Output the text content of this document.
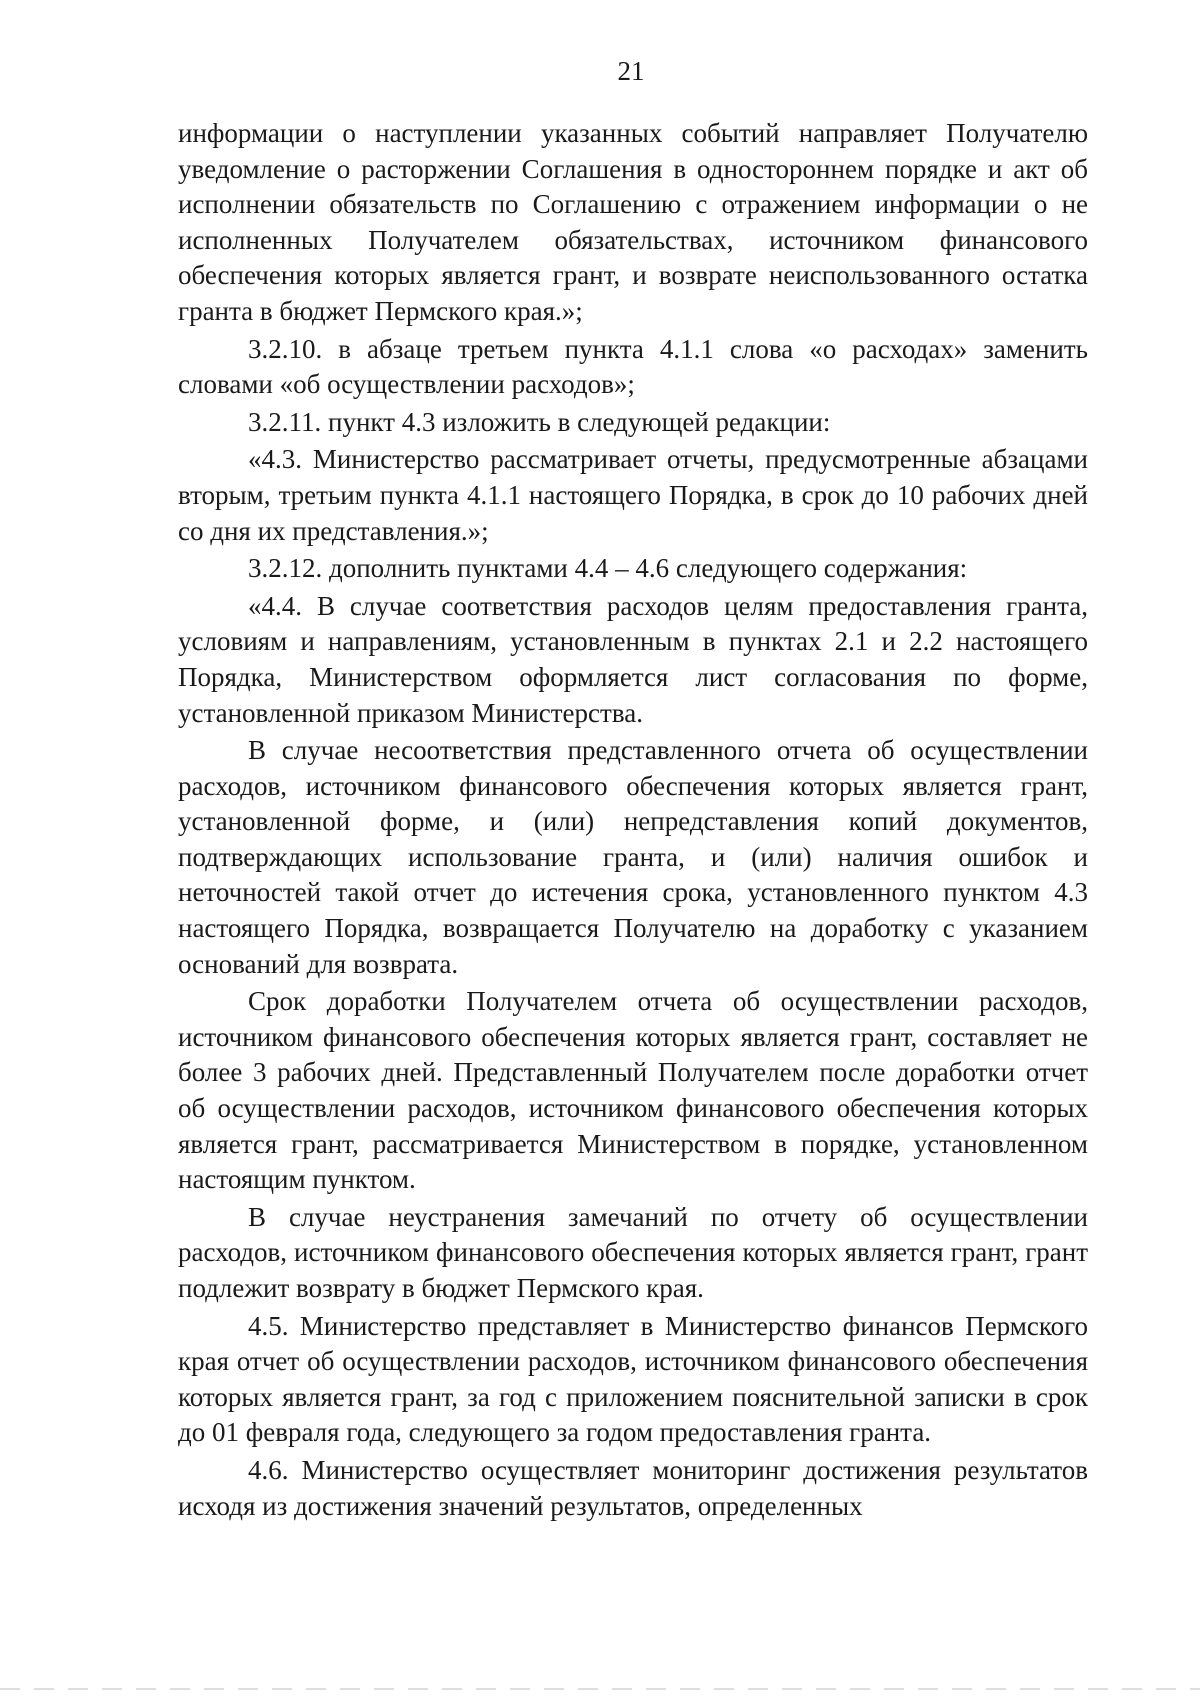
21

информации о наступлении указанных событий направляет Получателю уведомление о расторжении Соглашения в одностороннем порядке и акт об исполнении обязательств по Соглашению с отражением информации о не исполненных Получателем обязательствах, источником финансового обеспечения которых является грант, и возврате неиспользованного остатка гранта в бюджет Пермского края.»;

3.2.10. в абзаце третьем пункта 4.1.1 слова «о расходах» заменить словами «об осуществлении расходов»;

3.2.11. пункт 4.3 изложить в следующей редакции:

«4.3. Министерство рассматривает отчеты, предусмотренные абзацами вторым, третьим пункта 4.1.1 настоящего Порядка, в срок до 10 рабочих дней со дня их представления.»;

3.2.12. дополнить пунктами 4.4 – 4.6 следующего содержания:

«4.4. В случае соответствия расходов целям предоставления гранта, условиям и направлениям, установленным в пунктах 2.1 и 2.2 настоящего Порядка, Министерством оформляется лист согласования по форме, установленной приказом Министерства.

В случае несоответствия представленного отчета об осуществлении расходов, источником финансового обеспечения которых является грант, установленной форме, и (или) непредставления копий документов, подтверждающих использование гранта, и (или) наличия ошибок и неточностей такой отчет до истечения срока, установленного пунктом 4.3 настоящего Порядка, возвращается Получателю на доработку с указанием оснований для возврата.

Срок доработки Получателем отчета об осуществлении расходов, источником финансового обеспечения которых является грант, составляет не более 3 рабочих дней. Представленный Получателем после доработки отчет об осуществлении расходов, источником финансового обеспечения которых является грант, рассматривается Министерством в порядке, установленном настоящим пунктом.

В случае неустранения замечаний по отчету об осуществлении расходов, источником финансового обеспечения которых является грант, грант подлежит возврату в бюджет Пермского края.

4.5. Министерство представляет в Министерство финансов Пермского края отчет об осуществлении расходов, источником финансового обеспечения которых является грант, за год с приложением пояснительной записки в срок до 01 февраля года, следующего за годом предоставления гранта.

4.6. Министерство осуществляет мониторинг достижения результатов исходя из достижения значений результатов, определенных
